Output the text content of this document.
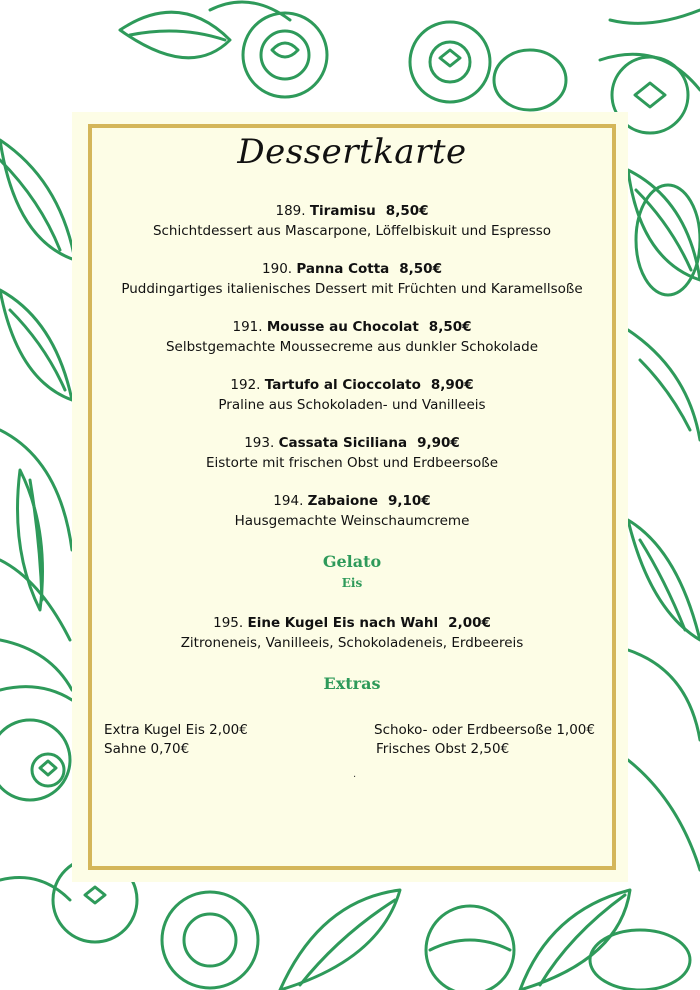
Dessertkarte
189. Tiramisu 8,50€
Schichtdessert aus Mascarpone, Löffelbiskuit und Espresso
190. Panna Cotta 8,50€
Puddingartiges italienisches Dessert mit Früchten und Karamellsoße
191. Mousse au Chocolat 8,50€
Selbstgemachte Moussecreme aus dunkler Schokolade
192. Tartufo al Cioccolato 8,90€
Praline aus Schokoladen- und Vanilleeis
193. Cassata Siciliana 9,90€
Eistorte mit frischen Obst und Erdbeersoße
194. Zabaione 9,10€
Hausgemachte Weinschaumcreme
Gelato
Eis
195. Eine Kugel Eis nach Wahl 2,00€
Zitroneneis, Vanilleeis, Schokoladeneis, Erdbeereis
Extras
Extra Kugel Eis 2,00€
Sahne 0,70€
Schoko- oder Erdbeersoße 1,00€
Frisches Obst 2,50€
.
